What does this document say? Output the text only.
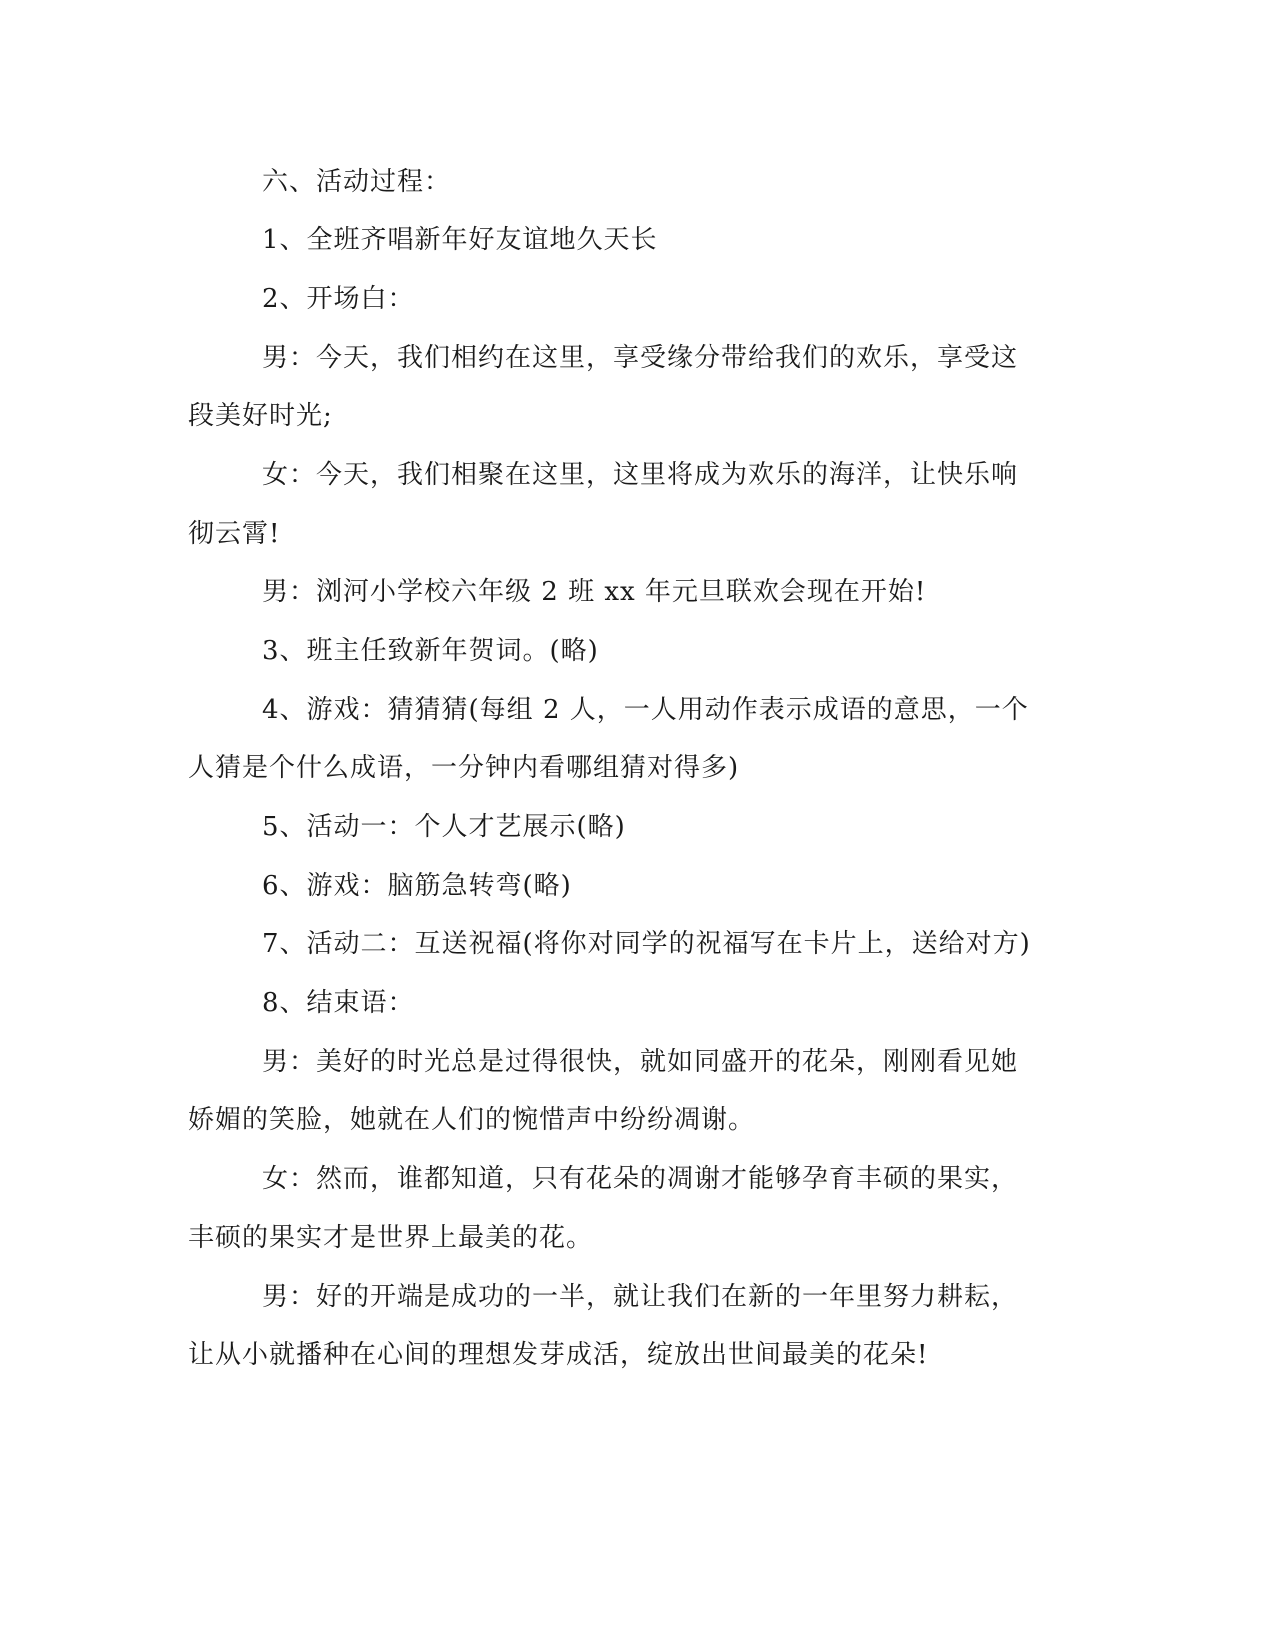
六、活动过程：
1、全班齐唱新年好友谊地久天长
2、开场白：
男：今天，我们相约在这里，享受缘分带给我们的欢乐，享受这
段美好时光;
女：今天，我们相聚在这里，这里将成为欢乐的海洋，让快乐响
彻云霄!
男：浏河小学校六年级 2 班 xx 年元旦联欢会现在开始!
3、班主任致新年贺词。(略)
4、游戏：猜猜猜(每组 2 人，一人用动作表示成语的意思，一个
人猜是个什么成语，一分钟内看哪组猜对得多)
5、活动一：个人才艺展示(略)
6、游戏：脑筋急转弯(略)
7、活动二：互送祝福(将你对同学的祝福写在卡片上，送给对方)
8、结束语：
男：美好的时光总是过得很快，就如同盛开的花朵，刚刚看见她
娇媚的笑脸，她就在人们的惋惜声中纷纷凋谢。
女：然而，谁都知道，只有花朵的凋谢才能够孕育丰硕的果实，
丰硕的果实才是世界上最美的花。
男：好的开端是成功的一半，就让我们在新的一年里努力耕耘，
让从小就播种在心间的理想发芽成活，绽放出世间最美的花朵!
